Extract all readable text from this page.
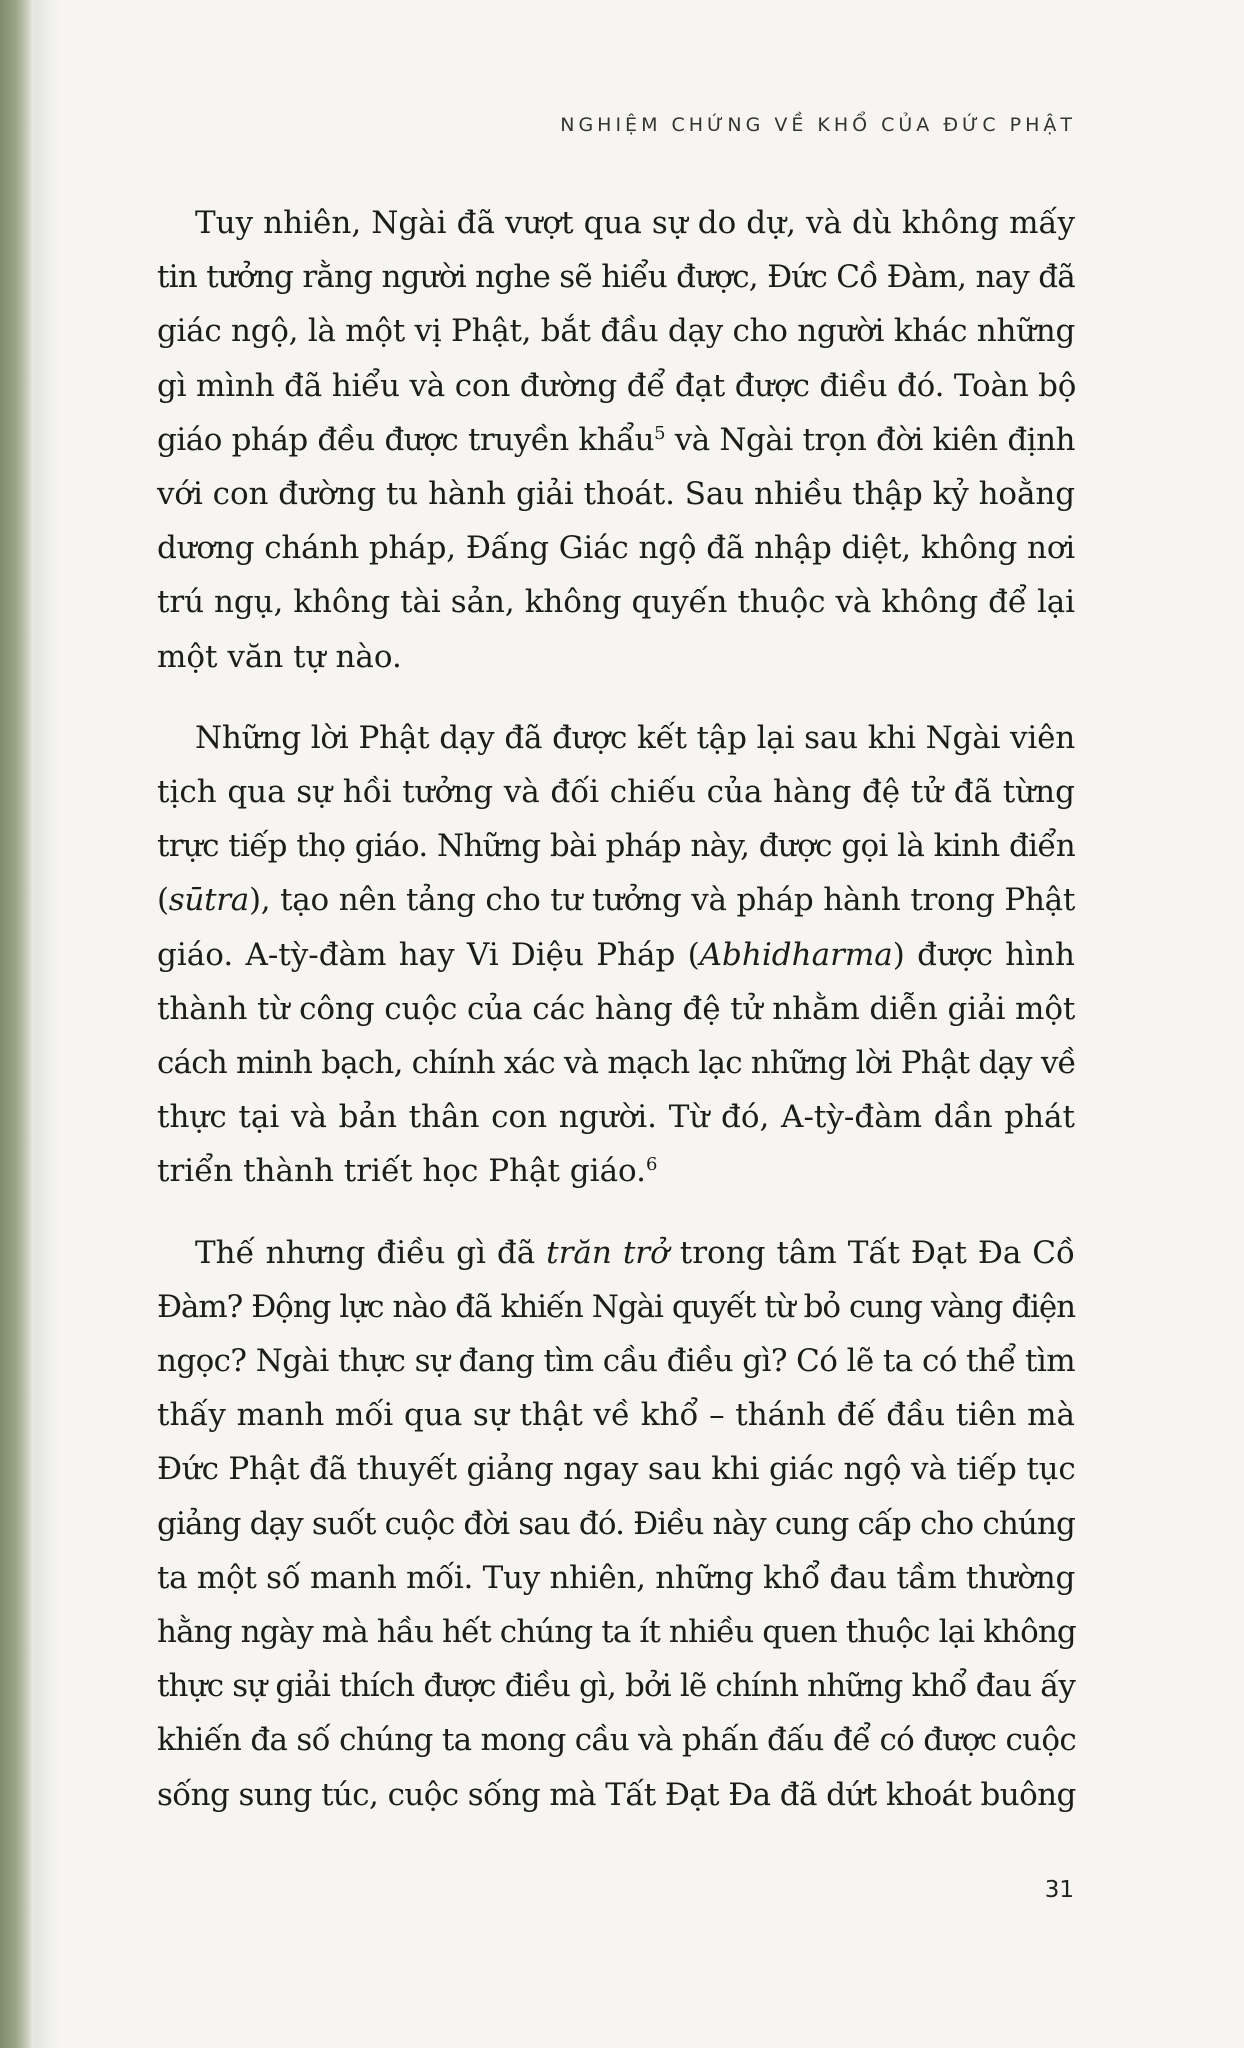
NGHIỆM CHỨNG VỀ KHỔ CỦA ĐỨC PHẬT

Tuy nhiên, Ngài đã vượt qua sự do dự, và dù không mấy
tin tưởng rằng người nghe sẽ hiểu được, Đức Cồ Đàm, nay đã
giác ngộ, là một vị Phật, bắt đầu dạy cho người khác những
gì mình đã hiểu và con đường để đạt được điều đó. Toàn bộ
giáo pháp đều được truyền khẩu$^5$ và Ngài trọn đời kiên định
với con đường tu hành giải thoát. Sau nhiều thập kỷ hoằng
dương chánh pháp, Đấng Giác ngộ đã nhập diệt, không nơi
trú ngụ, không tài sản, không quyến thuộc và không để lại
một văn tự nào.

Những lời Phật dạy đã được kết tập lại sau khi Ngài viên
tịch qua sự hồi tưởng và đối chiếu của hàng đệ tử đã từng
trực tiếp thọ giáo. Những bài pháp này, được gọi là kinh điển
(sūtra), tạo nên tảng cho tư tưởng và pháp hành trong Phật
giáo. A-tỳ-đàm hay Vi Diệu Pháp (Abhidharma) được hình
thành từ công cuộc của các hàng đệ tử nhằm diễn giải một
cách minh bạch, chính xác và mạch lạc những lời Phật dạy về
thực tại và bản thân con người. Từ đó, A-tỳ-đàm dần phát
triển thành triết học Phật giáo.$^6$

Thế nhưng điều gì đã trăn trở trong tâm Tất Đạt Đa Cồ
Đàm? Động lực nào đã khiến Ngài quyết từ bỏ cung vàng điện
ngọc? Ngài thực sự đang tìm cầu điều gì? Có lẽ ta có thể tìm
thấy manh mối qua sự thật về khổ – thánh đế đầu tiên mà
Đức Phật đã thuyết giảng ngay sau khi giác ngộ và tiếp tục
giảng dạy suốt cuộc đời sau đó. Điều này cung cấp cho chúng
ta một số manh mối. Tuy nhiên, những khổ đau tầm thường
hằng ngày mà hầu hết chúng ta ít nhiều quen thuộc lại không
thực sự giải thích được điều gì, bởi lẽ chính những khổ đau ấy
khiến đa số chúng ta mong cầu và phấn đấu để có được cuộc
sống sung túc, cuộc sống mà Tất Đạt Đa đã dứt khoát buông

31
